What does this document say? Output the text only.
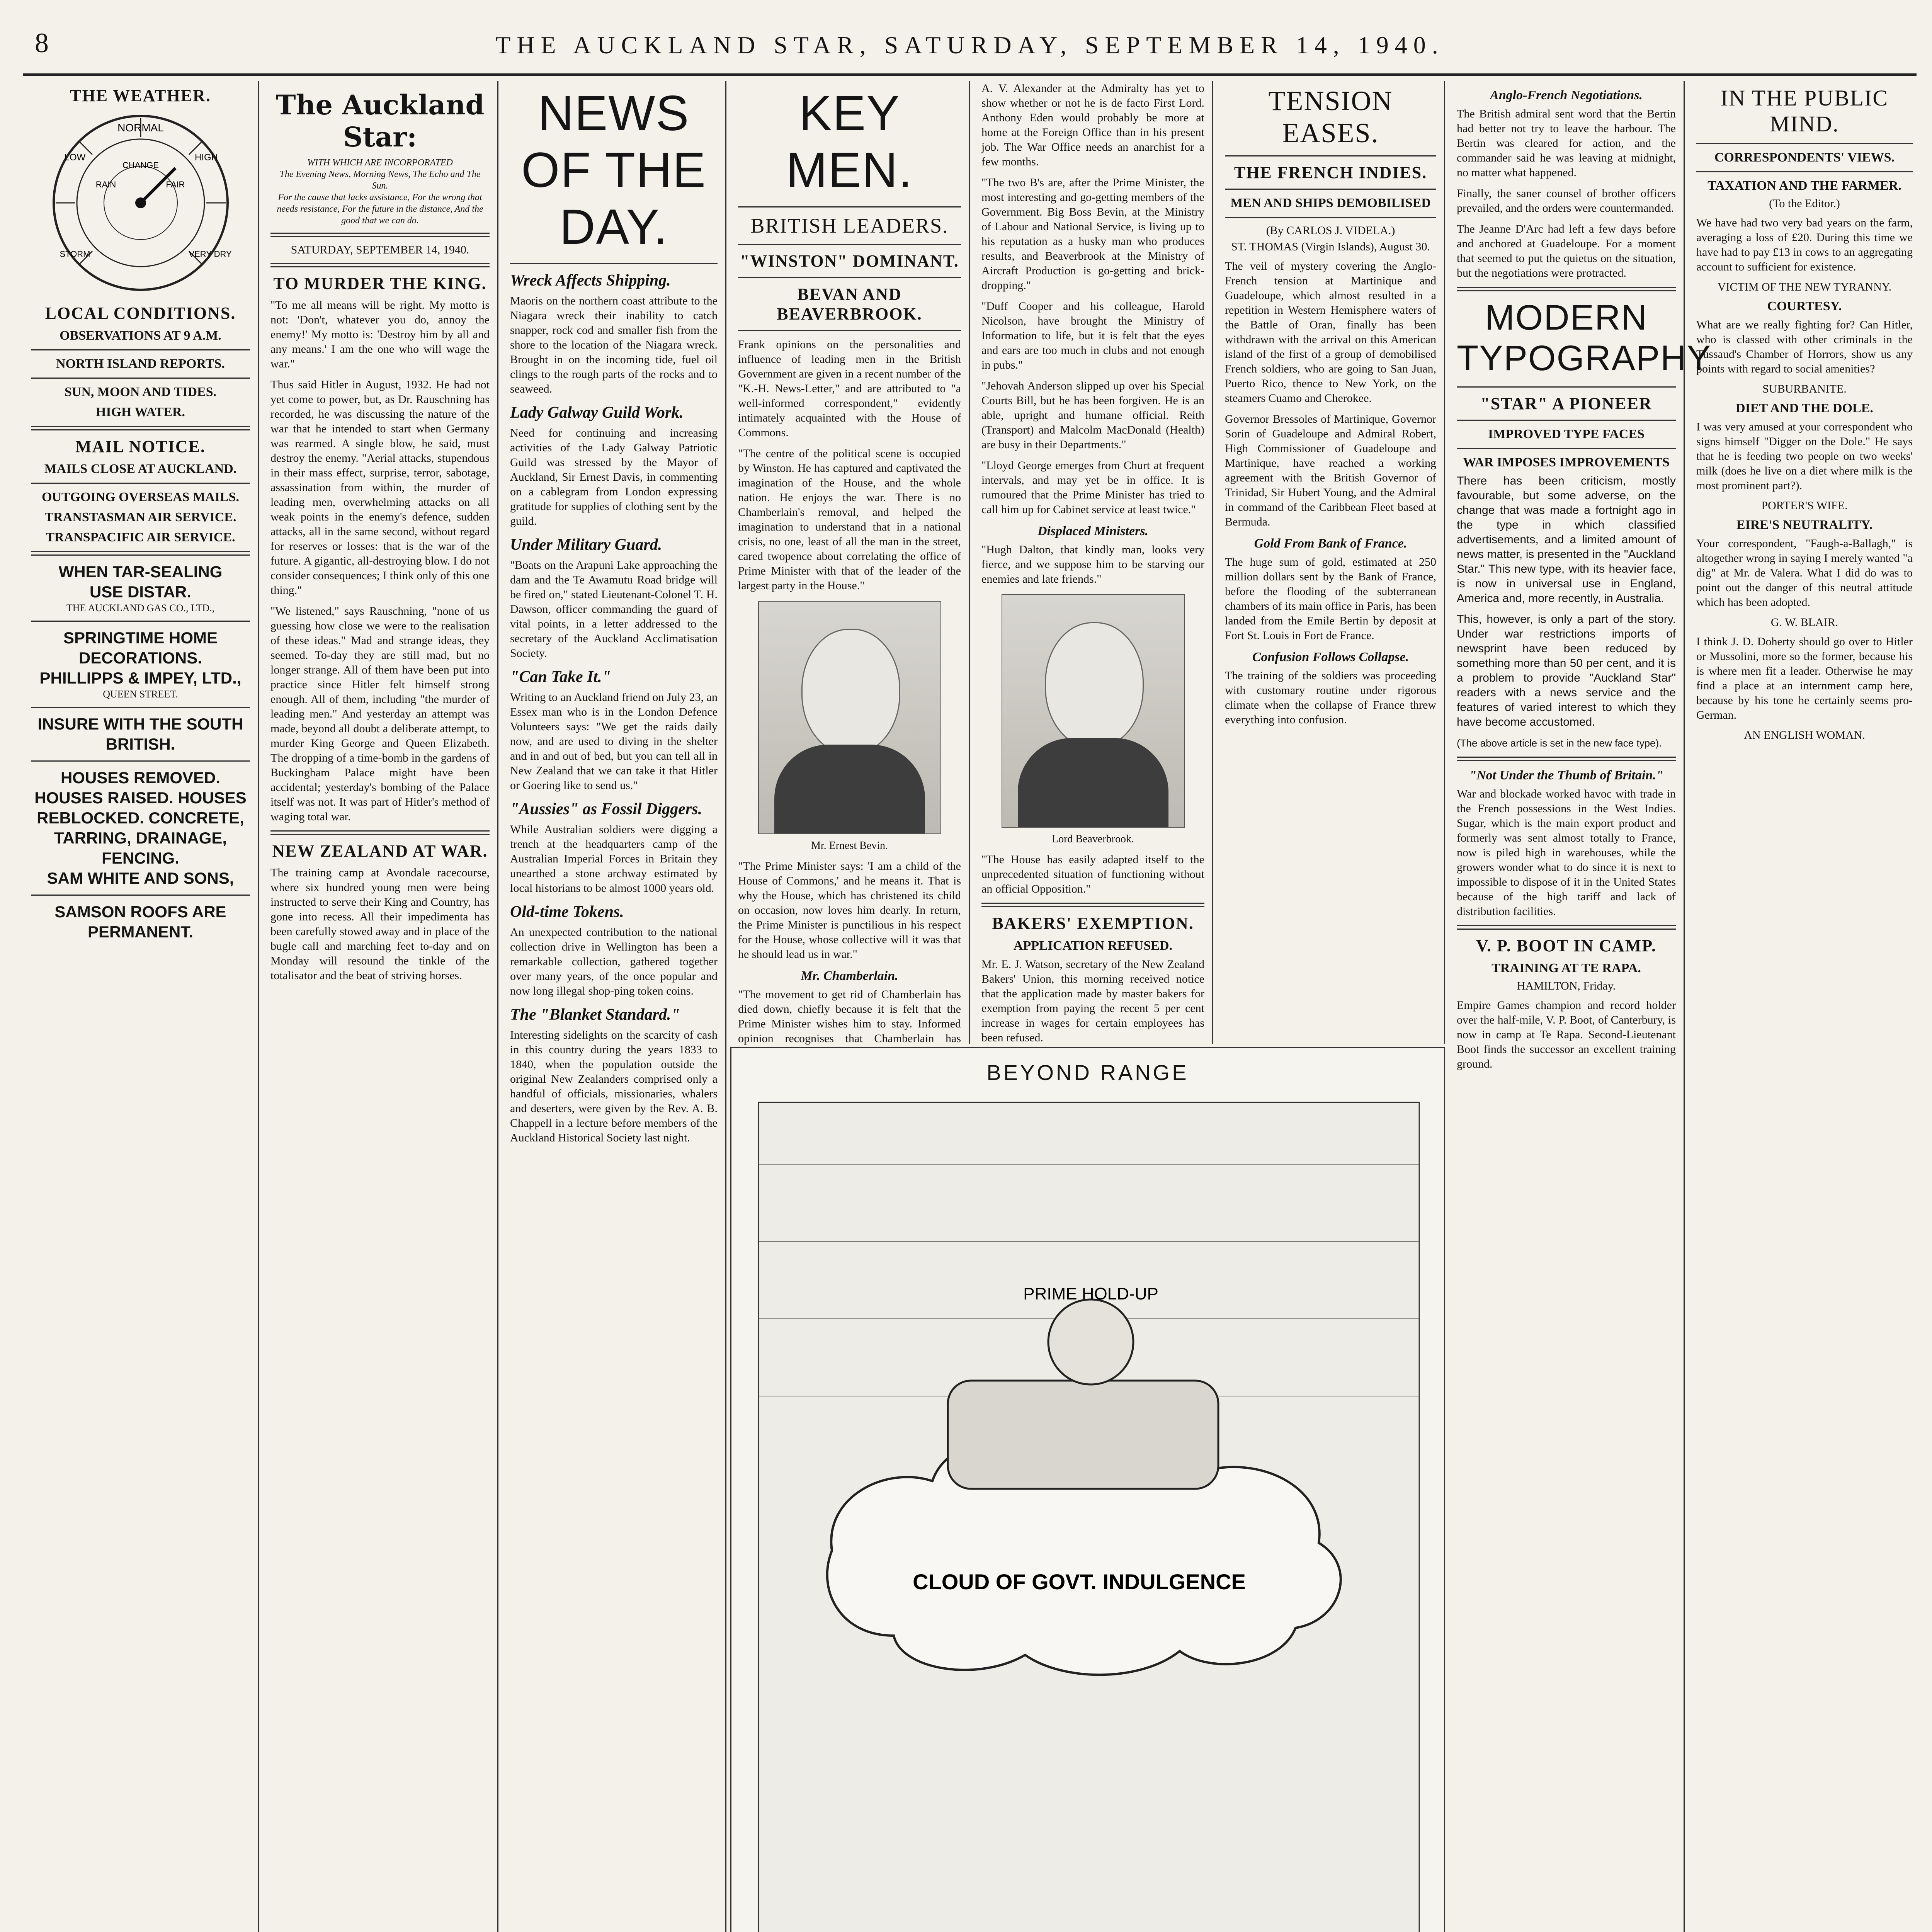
8	THE AUCKLAND STAR, SATURDAY, SEPTEMBER 14, 1940.
THE WEATHER.
NORMAL
HIGH
LOW
FAIR
CHANGE
VERY DRY
RAIN
STORM
LOCAL CONDITIONS.
OBSERVATIONS AT 9 A.M.
NORTH ISLAND REPORTS.
SUN, MOON AND TIDES.
HIGH WATER.
MAIL NOTICE.
MAILS CLOSE AT AUCKLAND.
OUTGOING OVERSEAS MAILS.
TRANSTASMAN AIR SERVICE.
TRANSPACIFIC AIR SERVICE.
WHEN TAR-SEALING
USE DISTAR.
THE AUCKLAND GAS CO., LTD.,
SPRINGTIME HOME DECORATIONS.
PHILLIPPS & IMPEY, LTD.,
QUEEN STREET.
INSURE WITH THE SOUTH BRITISH.
HOUSES REMOVED. HOUSES RAISED. HOUSES REBLOCKED. CONCRETE, TARRING, DRAINAGE, FENCING.
SAM WHITE AND SONS,
SAMSON ROOFS ARE PERMANENT.
The Auckland Star:
WITH WHICH ARE INCORPORATED
The Evening News, Morning News, The Echo and The Sun.
For the cause that lacks assistance, For the wrong that needs resistance, For the future in the distance, And the good that we can do.
SATURDAY, SEPTEMBER 14, 1940.
TO MURDER THE KING.

"To me all means will be right. My motto is not: 'Don't, whatever you do, annoy the enemy!' My motto is: 'Destroy him by all and any means.' I am the one who will wage the war."

Thus said Hitler in August, 1932. He had not yet come to power, but, as Dr. Rauschning has recorded, he was discussing the nature of the war that he intended to start when Germany was rearmed. A single blow, he said, must destroy the enemy. "Aerial attacks, stupendous in their mass effect, surprise, terror, sabotage, assassination from within, the murder of leading men, overwhelming attacks on all weak points in the enemy's defence, sudden attacks, all in the same second, without regard for reserves or losses: that is the war of the future. A gigantic, all-destroying blow. I do not consider consequences; I think only of this one thing."

"We listened," says Rauschning, "none of us guessing how close we were to the realisation of these ideas." Mad and strange ideas, they seemed. To-day they are still mad, but no longer strange. All of them have been put into practice since Hitler felt himself strong enough. All of them, including "the murder of leading men." And yesterday an attempt was made, beyond all doubt a deliberate attempt, to murder King George and Queen Elizabeth. The dropping of a time-bomb in the gardens of Buckingham Palace might have been accidental; yesterday's bombing of the Palace itself was not. It was part of Hitler's method of waging total war.

NEW ZEALAND AT WAR.

The training camp at Avondale racecourse, where six hundred young men were being instructed to serve their King and Country, has gone into recess. All their impedimenta has been carefully stowed away and in place of the bugle call and marching feet to-day and on Monday will resound the tinkle of the totalisator and the beat of striving horses.

NEWS OF THE DAY.
Wreck Affects Shipping.

Maoris on the northern coast attribute to the Niagara wreck their inability to catch snapper, rock cod and smaller fish from the shore to the location of the Niagara wreck. Brought in on the incoming tide, fuel oil clings to the rough parts of the rocks and to seaweed.

Lady Galway Guild Work.

Need for continuing and increasing activities of the Lady Galway Patriotic Guild was stressed by the Mayor of Auckland, Sir Ernest Davis, in commenting on a cablegram from London expressing gratitude for supplies of clothing sent by the guild.

Under Military Guard.

"Boats on the Arapuni Lake approaching the dam and the Te Awamutu Road bridge will be fired on," stated Lieutenant-Colonel T. H. Dawson, officer commanding the guard of vital points, in a letter addressed to the secretary of the Auckland Acclimatisation Society.

"Can Take It."

Writing to an Auckland friend on July 23, an Essex man who is in the London Defence Volunteers says: "We get the raids daily now, and are used to diving in the shelter and in and out of bed, but you can tell all in New Zealand that we can take it that Hitler or Goering like to send us."

"Aussies" as Fossil Diggers.

While Australian soldiers were digging a trench at the headquarters camp of the Australian Imperial Forces in Britain they unearthed a stone archway estimated by local historians to be almost 1000 years old.

Old-time Tokens.

An unexpected contribution to the national collection drive in Wellington has been a remarkable collection, gathered together over many years, of the once popular and now long illegal shop-ping token coins.

The "Blanket Standard."

Interesting sidelights on the scarcity of cash in this country during the years 1833 to 1840, when the population outside the original New Zealanders comprised only a handful of officials, missionaries, whalers and deserters, were given by the Rev. A. B. Chappell in a lecture before members of the Auckland Historical Society last night.

KEY MEN.
BRITISH LEADERS.
"WINSTON" DOMINANT.
BEVAN AND BEAVERBROOK.

Frank opinions on the personalities and influence of leading men in the British Government are given in a recent number of the "K.-H. News-Letter," and are attributed to "a well-informed correspondent," evidently intimately acquainted with the House of Commons.

"The centre of the political scene is occupied by Winston. He has captured and captivated the imagination of the House, and the whole nation. He enjoys the war. There is no Chamberlain's removal, and helped the imagination to understand that in a national crisis, no one, least of all the man in the street, cared twopence about correlating the office of Prime Minister with that of the leader of the largest party in the House."

Mr. Ernest Bevin.

"The Prime Minister says: 'I am a child of the House of Commons,' and he means it. That is why the House, which has christened its child on occasion, now loves him dearly. In return, the Prime Minister is punctilious in his respect for the House, whose collective will it was that he should lead us in war."

Mr. Chamberlain.

"The movement to get rid of Chamberlain has died down, chiefly because it is felt that the Prime Minister wishes him to stay. Informed opinion recognises that Chamberlain has

A. V. Alexander at the Admiralty has yet to show whether or not he is de facto First Lord. Anthony Eden would probably be more at home at the Foreign Office than in his present job. The War Office needs an anarchist for a few months.

"The two B's are, after the Prime Minister, the most interesting and go-getting members of the Government. Big Boss Bevin, at the Ministry of Labour and National Service, is living up to his reputation as a husky man who produces results, and Beaverbrook at the Ministry of Aircraft Production is go-getting and brick-dropping."

"Duff Cooper and his colleague, Harold Nicolson, have brought the Ministry of Information to life, but it is felt that the eyes and ears are too much in clubs and not enough in pubs."

"Jehovah Anderson slipped up over his Special Courts Bill, but he has been forgiven. He is an able, upright and humane official. Reith (Transport) and Malcolm MacDonald (Health) are busy in their Departments."

"Lloyd George emerges from Churt at frequent intervals, and may yet be in office. It is rumoured that the Prime Minister has tried to call him up for Cabinet service at least twice."

Displaced Ministers.

"Hugh Dalton, that kindly man, looks very fierce, and we suppose him to be starving our enemies and late friends."

Lord Beaverbrook.

"The House has easily adapted itself to the unprecedented situation of functioning without an official Opposition."

BAKERS' EXEMPTION.
APPLICATION REFUSED.

Mr. E. J. Watson, secretary of the New Zealand Bakers' Union, this morning received notice that the application made by master bakers for exemption from paying the recent 5 per cent increase in wages for certain employees has been refused.

TENSION EASES.
THE FRENCH INDIES.
MEN AND SHIPS DEMOBILISED
(By CARLOS J. VIDELA.)
ST. THOMAS (Virgin Islands), August 30.

The veil of mystery covering the Anglo-French tension at Martinique and Guadeloupe, which almost resulted in a repetition in Western Hemisphere waters of the Battle of Oran, finally has been withdrawn with the arrival on this American island of the first of a group of demobilised French soldiers, who are going to San Juan, Puerto Rico, thence to New York, on the steamers Cuamo and Cherokee.

Governor Bressoles of Martinique, Governor Sorin of Guadeloupe and Admiral Robert, High Commissioner of Guadeloupe and Martinique, have reached a working agreement with the British Governor of Trinidad, Sir Hubert Young, and the Admiral in command of the Caribbean Fleet based at Bermuda.

Gold From Bank of France.

The huge sum of gold, estimated at 250 million dollars sent by the Bank of France, before the flooding of the subterranean chambers of its main office in Paris, has been landed from the Emile Bertin by deposit at Fort St. Louis in Fort de France.

Confusion Follows Collapse.

The training of the soldiers was proceeding with customary routine under rigorous climate when the collapse of France threw everything into confusion.

BEYOND RANGE
PRIME HOLD-UP
CLOUD OF GOVT. INDULGENCE
Anglo-French Negotiations.

The British admiral sent word that the Bertin had better not try to leave the harbour. The Bertin was cleared for action, and the commander said he was leaving at midnight, no matter what happened.

Finally, the saner counsel of brother officers prevailed, and the orders were countermanded.

The Jeanne D'Arc had left a few days before and anchored at Guadeloupe. For a moment that seemed to put the quietus on the situation, but the negotiations were protracted.

MODERN TYPOGRAPHY
"STAR" A PIONEER
IMPROVED TYPE FACES
WAR IMPOSES IMPROVEMENTS

There has been criticism, mostly favourable, but some adverse, on the change that was made a fortnight ago in the type in which classified advertisements, and a limited amount of news matter, is presented in the "Auckland Star." This new type, with its heavier face, is now in universal use in England, America and, more recently, in Australia.

This, however, is only a part of the story. Under war restrictions imports of newsprint have been reduced by something more than 50 per cent, and it is a problem to provide "Auckland Star" readers with a news service and the features of varied interest to which they have become accustomed.

(The above article is set in the new face type).

"Not Under the Thumb of Britain."

War and blockade worked havoc with trade in the French possessions in the West Indies. Sugar, which is the main export product and formerly was sent almost totally to France, now is piled high in warehouses, while the growers wonder what to do since it is next to impossible to dispose of it in the United States because of the high tariff and lack of distribution facilities.

V. P. BOOT IN CAMP.
TRAINING AT TE RAPA.
HAMILTON, Friday.

Empire Games champion and record holder over the half-mile, V. P. Boot, of Canterbury, is now in camp at Te Rapa. Second-Lieutenant Boot finds the successor an excellent training ground.

IN THE PUBLIC MIND.
CORRESPONDENTS' VIEWS.
TAXATION AND THE FARMER.
(To the Editor.)

We have had two very bad years on the farm, averaging a loss of £20. During this time we have had to pay £13 in cows to an aggregating account to sufficient for existence.

VICTIM OF THE NEW TYRANNY.
COURTESY.

What are we really fighting for? Can Hitler, who is classed with other criminals in the Tussaud's Chamber of Horrors, show us any points with regard to social amenities?

SUBURBANITE.
DIET AND THE DOLE.

I was very amused at your correspondent who signs himself "Digger on the Dole." He says that he is feeding two people on two weeks' milk (does he live on a diet where milk is the most prominent part?).

PORTER'S WIFE.
EIRE'S NEUTRALITY.

Your correspondent, "Faugh-a-Ballagh," is altogether wrong in saying I merely wanted "a dig" at Mr. de Valera. What I did do was to point out the danger of this neutral attitude which has been adopted.

G. W. BLAIR.

I think J. D. Doherty should go over to Hitler or Mussolini, more so the former, because his is where men fit a leader. Otherwise he may find a place at an internment camp here, because by his tone he certainly seems pro-German.

AN ENGLISH WOMAN.
